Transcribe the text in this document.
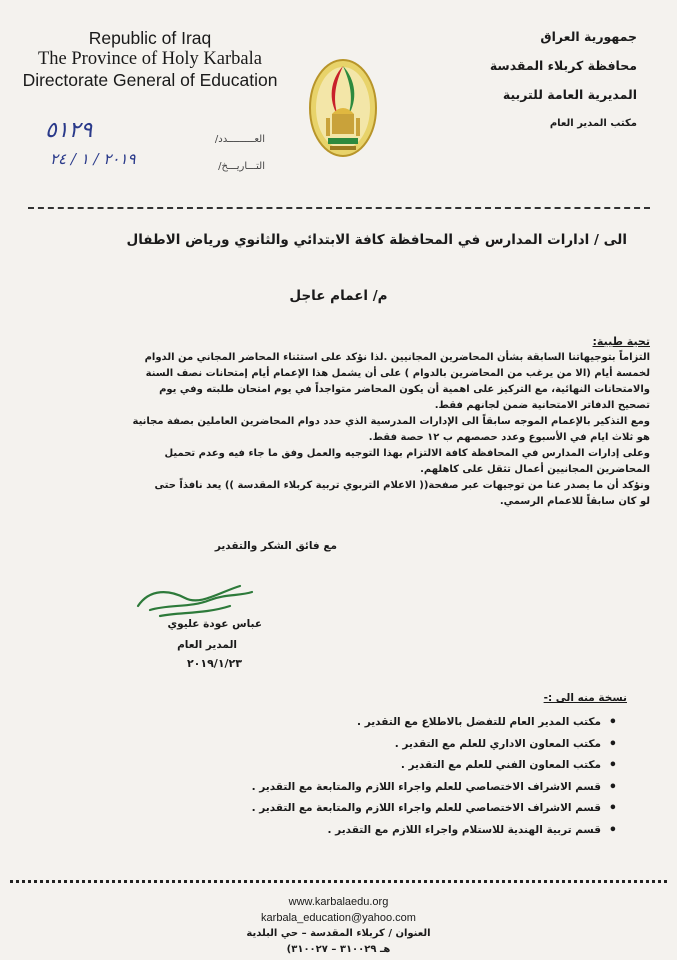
Republic of Iraq
The Province of Holy Karbala
Directorate General of Education
جمهورية العراق
محافظة كربلاء المقدسة
المديرية العامة للتربية
مكتب المدير العام
العـــــــــدد/
التـــاريـــخ/
٥١٢٩
٢٠١٩ / ١ / ٢٤
الى / ادارات المدارس في المحافظة كافة الابتدائي والثانوي ورياض الاطفال
م/ اعمام عاجل

تحية طيبة:

التزاماً بتوجيهاتنا السابقة بشأن المحاضرين المجانيين .لذا نؤكد على استثناء المحاضر المجاني من الدوام

لخمسة أيام (الا من يرغب من المحاضرين بالدوام ) على أن يشمل هذا الإعمام أيام إمتحانات نصف السنة

والامتحانات النهائية، مع التركيز على اهمية أن يكون المحاضر متواجداً في يوم امتحان طلبته وفي يوم

تصحيح الدفاتر الامتحانية ضمن لجانهم فقط.

ومع التذكير بالإعمام الموجه سابقاً الى الإدارات المدرسية الذي حدد دوام المحاضرين العاملين بصفة مجانية

هو ثلاث ايام في الأسبوع وعدد حصصهم ب ١٢ حصة فقط.

وعلى إدارات المدارس في المحافظة كافة الالتزام بهذا التوجيه والعمل وفق ما جاء فيه وعدم تحميل

المحاضرين المجانيين أعمال تثقل على كاهلهم.

ونؤكد أن ما يصدر عنا من توجيهات عبر صفحة(( الاعلام التربوي تربية كربلاء المقدسة )) يعد نافذاً حتى

لو كان سابقاً للاعمام الرسمي.

مع فائق الشكر والتقدير
عباس عودة عليوي
المدير العام
٢٠١٩/١/٢٣
نسخة منه الى :-
• مكتب المدير العام للتفضل بالاطلاع مع التقدير .
• مكتب المعاون الاداري للعلم مع التقدير .
• مكتب المعاون الفني للعلم مع التقدير .
• قسم الاشراف الاختصاصي للعلم واجراء اللازم والمتابعة مع التقدير .
• قسم الاشراف الاختصاصي للعلم واجراء اللازم والمتابعة مع التقدير .
• قسم تربية الهندية للاستلام واجراء اللازم مع التقدير .
www.karbalaedu.org
karbala_education@yahoo.com
العنوان / كربلاء المقدسة – حي البلدية
هـ ٣١٠٠٢٩ – ٣١٠٠٢٧)
